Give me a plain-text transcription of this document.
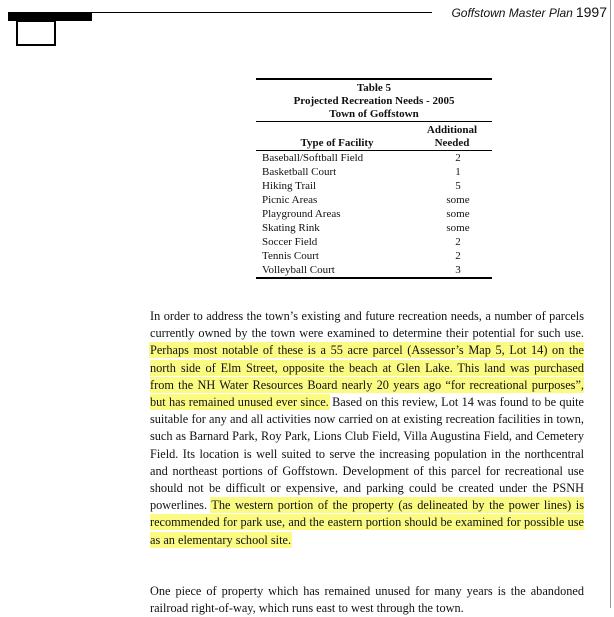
Goffstown Master Plan 1997
Table 5
Projected Recreation Needs - 2005
Town of Goffstown
Type of Facility
Additional Needed
Baseball/Softball Field	2
Basketball Court	1
Hiking Trail	5
Picnic Areas	some
Playground Areas	some
Skating Rink	some
Soccer Field	2
Tennis Court	2
Volleyball Court	3

In order to address the town’s existing and future recreation needs, a number of parcels currently owned by the town were examined to determine their potential for such use. Perhaps most notable of these is a 55 acre parcel (Assessor’s Map 5, Lot 14) on the north side of Elm Street, opposite the beach at Glen Lake. This land was purchased from the NH Water Resources Board nearly 20 years ago “for recreational purposes”, but has remained unused ever since. Based on this review, Lot 14 was found to be quite suitable for any and all activities now carried on at existing recreation facilities in town, such as Barnard Park, Roy Park, Lions Club Field, Villa Augustina Field, and Cemetery Field. Its location is well suited to serve the increasing population in the northcentral and northeast portions of Goffstown. Development of this parcel for recreational use should not be difficult or expensive, and parking could be created under the PSNH powerlines. The western portion of the property (as delineated by the power lines) is recommended for park use, and the eastern portion should be examined for possible use as an elementary school site.

One piece of property which has remained unused for many years is the abandoned railroad right-of-way, which runs east to west through the town.
